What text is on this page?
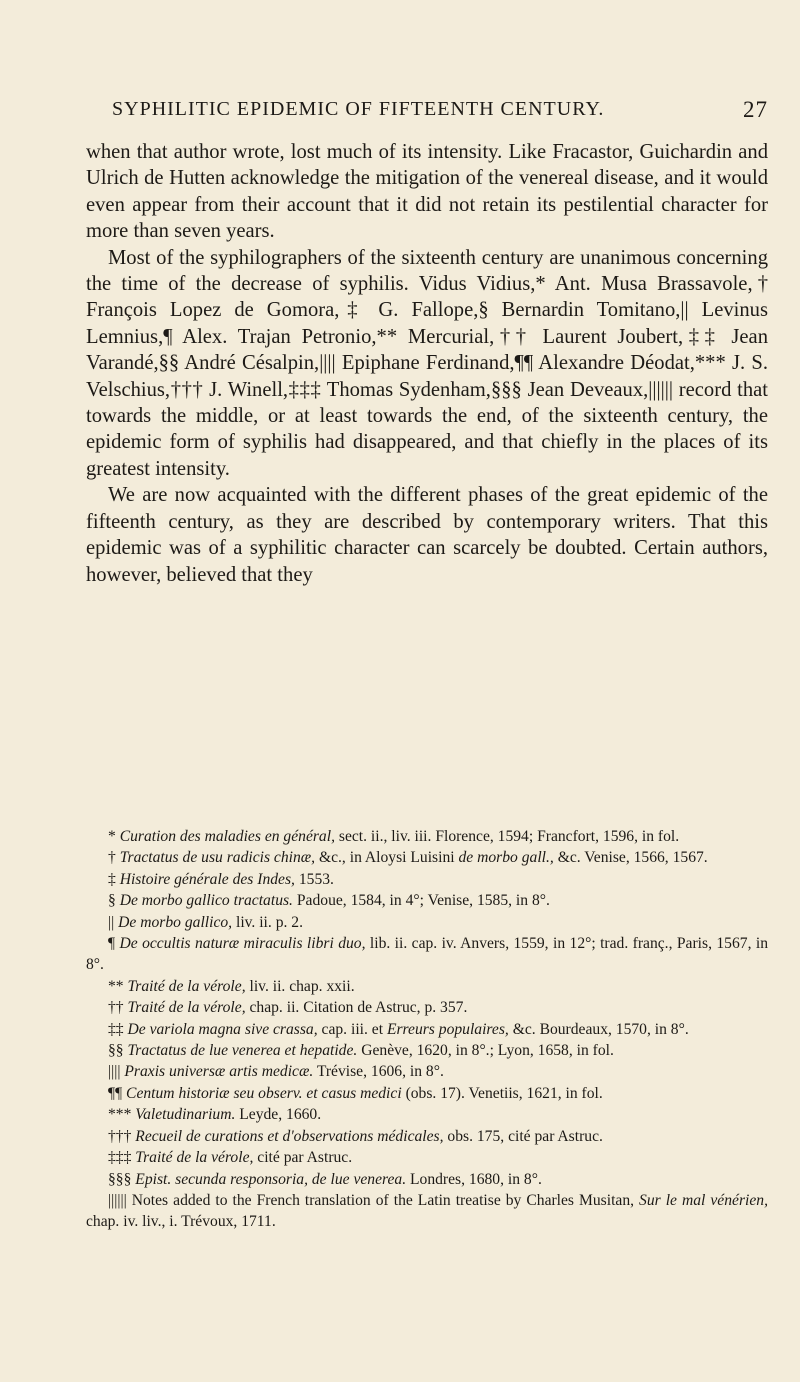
SYPHILITIC EPIDEMIC OF FIFTEENTH CENTURY.	27

when that author wrote, lost much of its intensity. Like Fracastor, Guichardin and Ulrich de Hutten acknowledge the mitigation of the venereal disease, and it would even appear from their account that it did not retain its pestilential character for more than seven years.

Most of the syphilographers of the sixteenth century are unanimous concerning the time of the decrease of syphilis. Vidus Vidius,* Ant. Musa Brassavole,† François Lopez de Gomora,‡ G. Fallope,§ Bernardin Tomitano,|| Levinus Lemnius,¶ Alex. Trajan Petronio,** Mercurial,†† Laurent Joubert,‡‡ Jean Varandé,§§ André Césalpin,|||| Epiphane Ferdinand,¶¶ Alexandre Déodat,*** J. S. Velschius,††† J. Winell,‡‡‡ Thomas Sydenham,§§§ Jean Deveaux,|||||| record that towards the middle, or at least towards the end, of the sixteenth century, the epidemic form of syphilis had disappeared, and that chiefly in the places of its greatest intensity.

We are now acquainted with the different phases of the great epidemic of the fifteenth century, as they are described by contemporary writers. That this epidemic was of a syphilitic character can scarcely be doubted. Certain authors, however, believed that they

* Curation des maladies en général, sect. ii., liv. iii. Florence, 1594; Francfort, 1596, in fol.

† Tractatus de usu radicis chinæ, &c., in Aloysi Luisini de morbo gall., &c. Venise, 1566, 1567.

‡ Histoire générale des Indes, 1553.

§ De morbo gallico tractatus. Padoue, 1584, in 4°; Venise, 1585, in 8°.

|| De morbo gallico, liv. ii. p. 2.

¶ De occultis naturæ miraculis libri duo, lib. ii. cap. iv. Anvers, 1559, in 12°; trad. franç., Paris, 1567, in 8°.

** Traité de la vérole, liv. ii. chap. xxii.

†† Traité de la vérole, chap. ii. Citation de Astruc, p. 357.

‡‡ De variola magna sive crassa, cap. iii. et Erreurs populaires, &c. Bourdeaux, 1570, in 8°.

§§ Tractatus de lue venerea et hepatide. Genève, 1620, in 8°.; Lyon, 1658, in fol.

|||| Praxis universæ artis medicæ. Trévise, 1606, in 8°.

¶¶ Centum historiæ seu observ. et casus medici (obs. 17). Venetiis, 1621, in fol.

*** Valetudinarium. Leyde, 1660.

††† Recueil de curations et d'observations médicales, obs. 175, cité par Astruc.

‡‡‡ Traité de la vérole, cité par Astruc.

§§§ Epist. secunda responsoria, de lue venerea. Londres, 1680, in 8°.

|||||| Notes added to the French translation of the Latin treatise by Charles Musitan, Sur le mal vénérien, chap. iv. liv., i. Trévoux, 1711.
